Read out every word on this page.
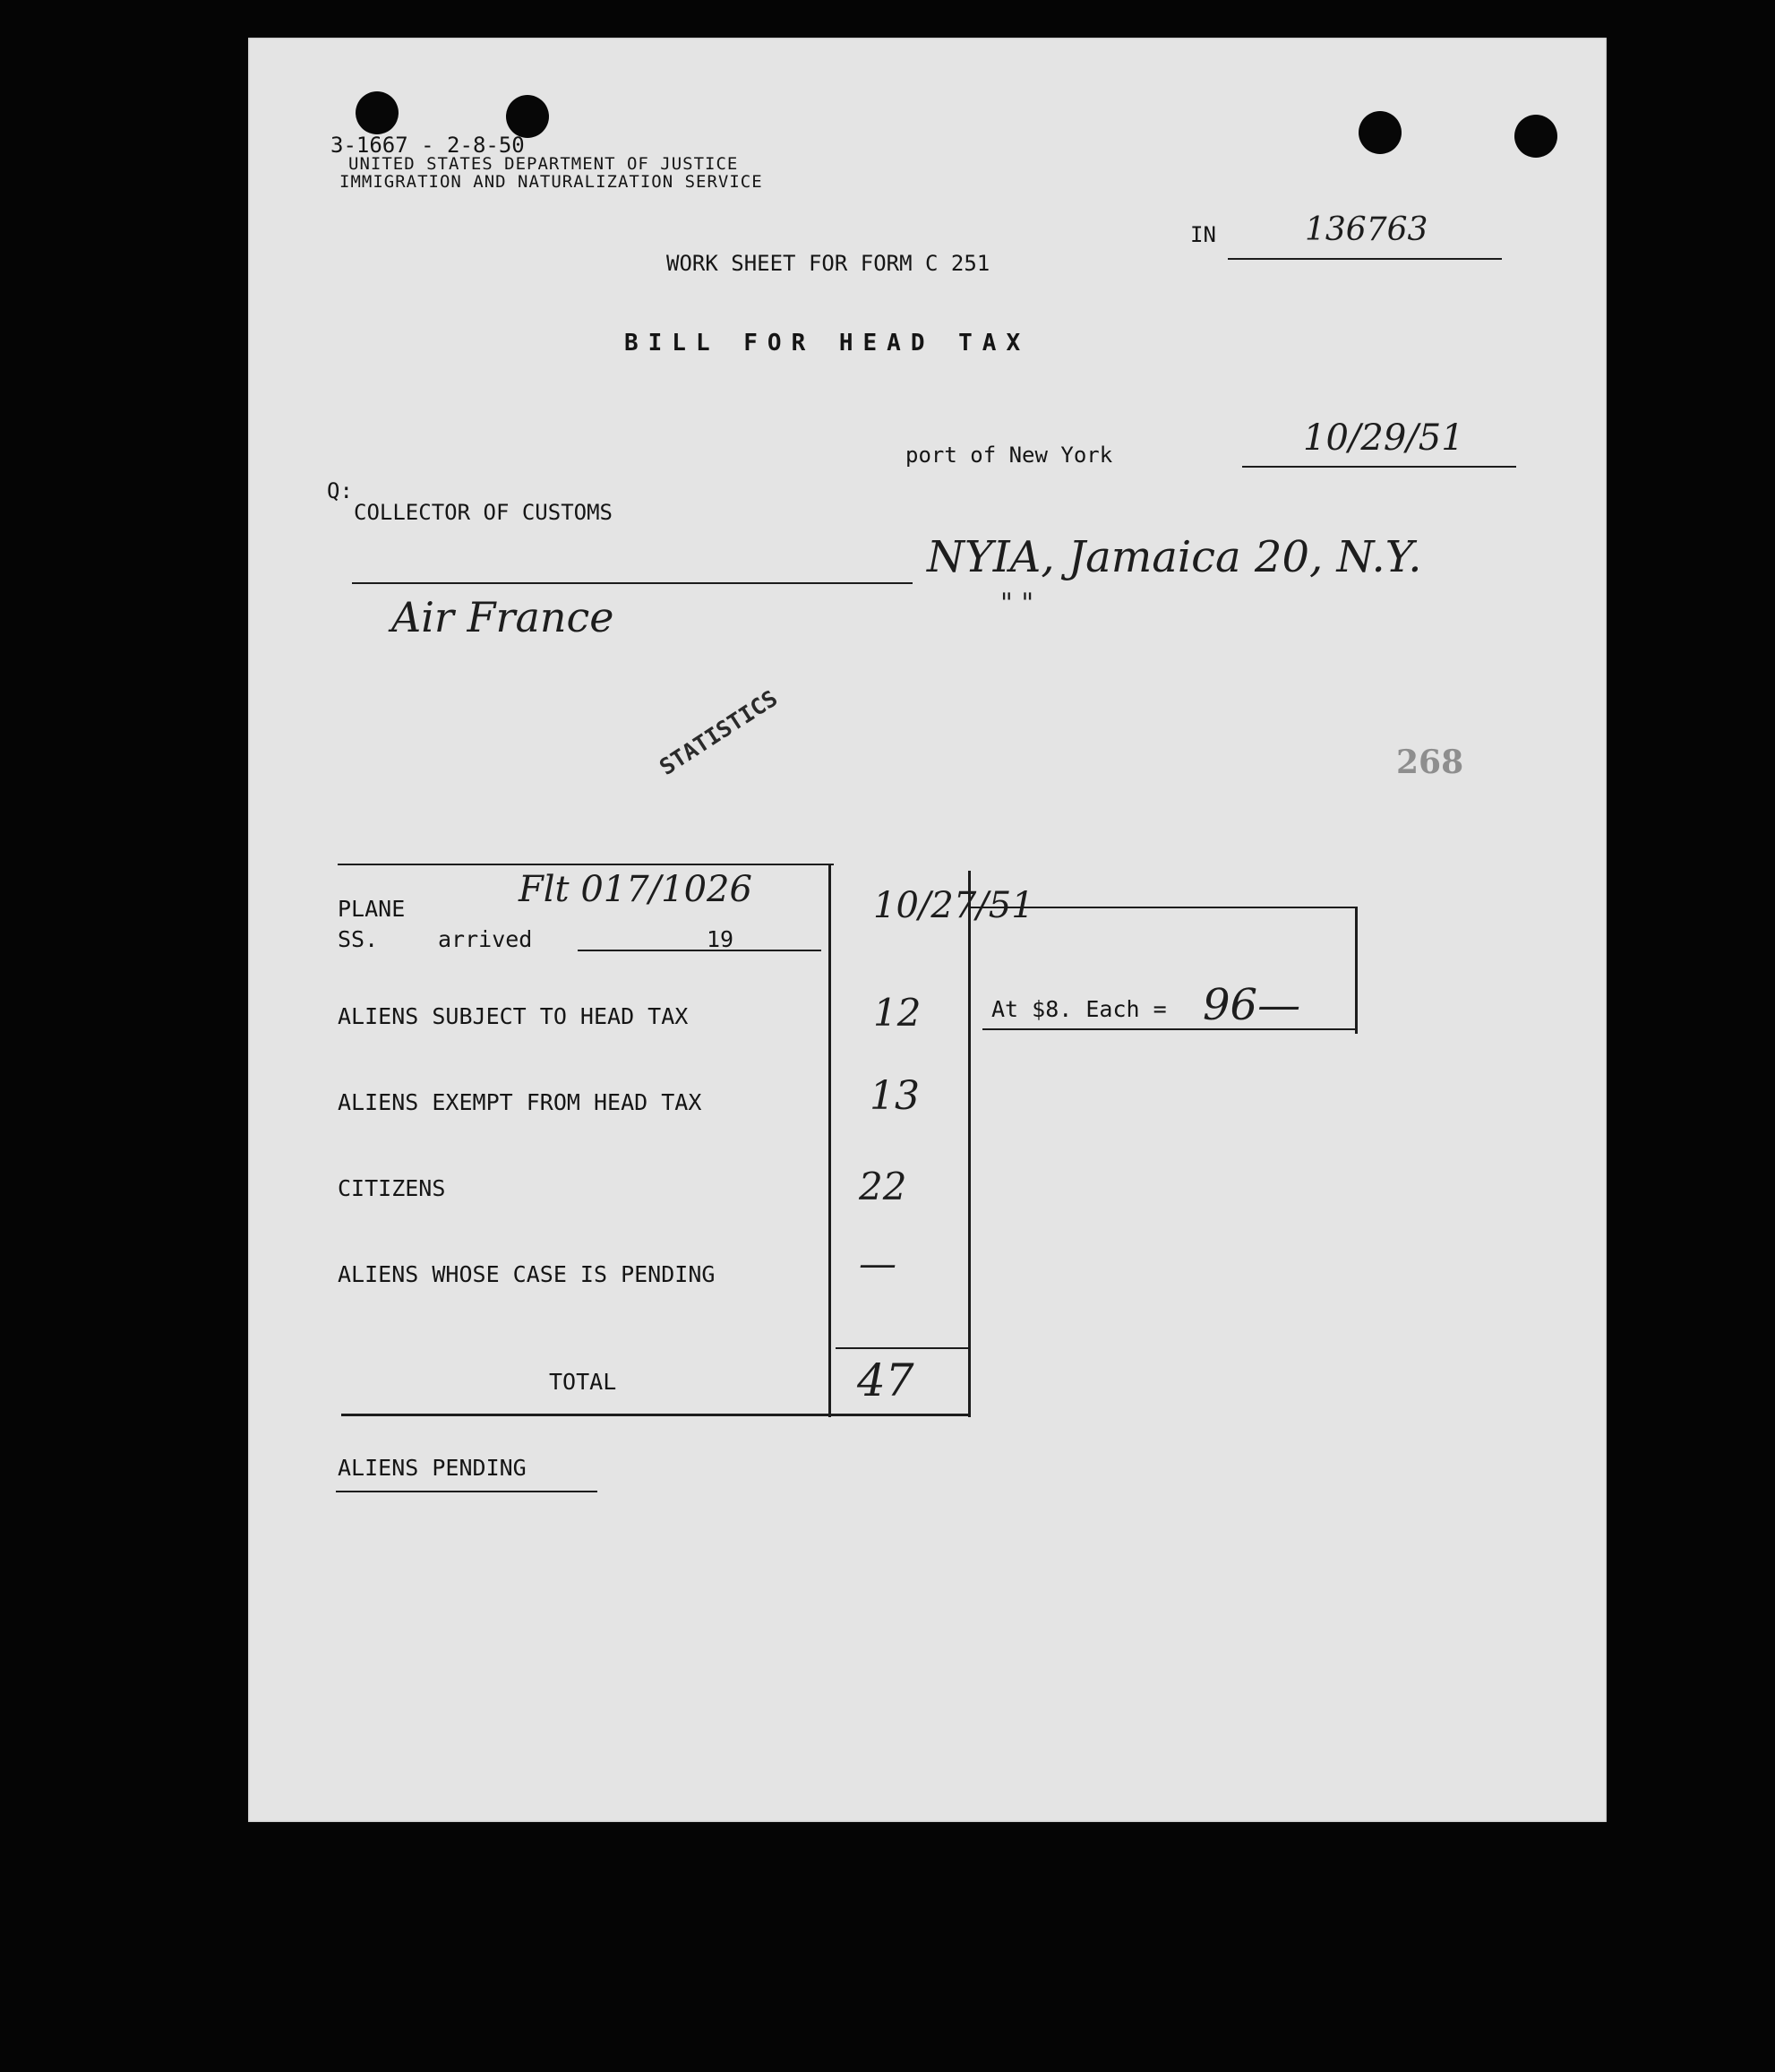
3-1667 - 2-8-50
UNITED STATES DEPARTMENT OF JUSTICE
IMMIGRATION AND NATURALIZATION SERVICE
IN	136763
WORK SHEET FOR FORM C 251
BILL FOR HEAD TAX
port of New York	10/29/51
Q:
COLLECTOR OF CUSTOMS
NYIA, Jamaica 20, N.Y.
" "
Air France
STATISTICS	268
PLANE
SS.	arrived	19
Flt 017/1026	10/27/51
ALIENS SUBJECT TO HEAD TAX	12	At $8. Each = 96—
ALIENS EXEMPT FROM HEAD TAX	13
CITIZENS	22
ALIENS WHOSE CASE IS PENDING	—
TOTAL	47
ALIENS PENDING
